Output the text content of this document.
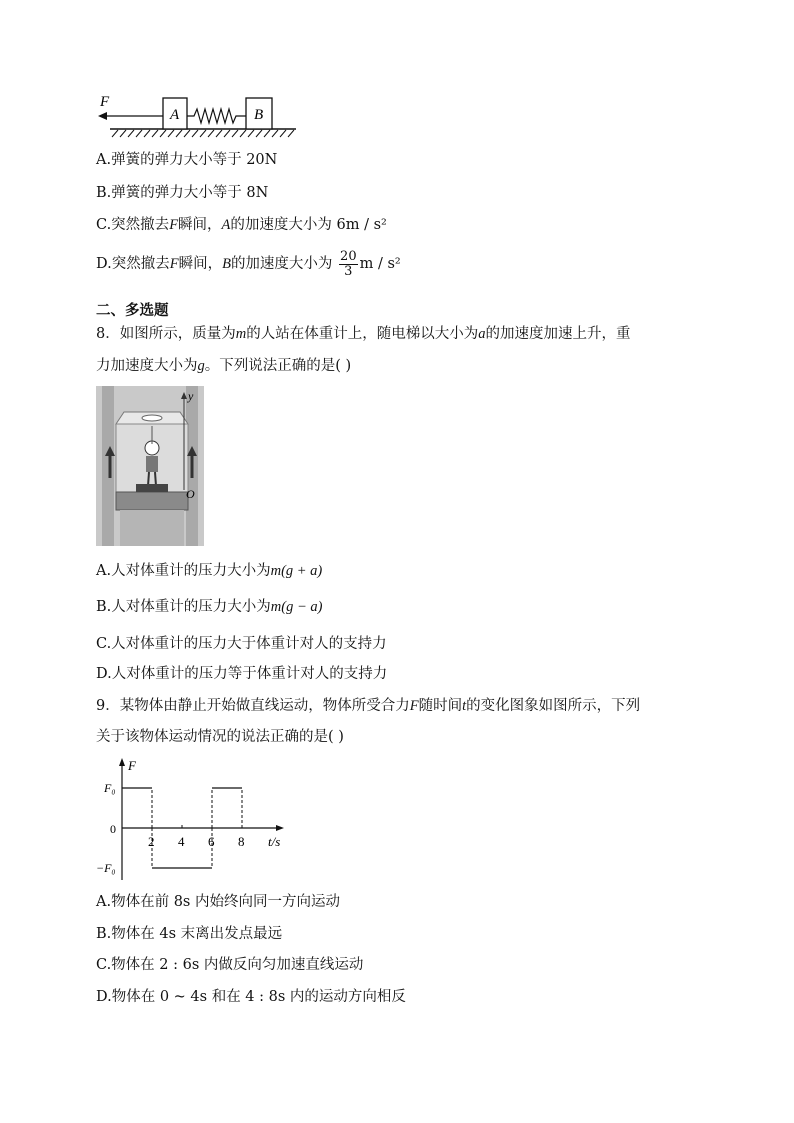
F
A	B
A.弹簧的弹力大小等于 20N
B.弹簧的弹力大小等于 8N
C.突然撤去F瞬间，A的加速度大小为 6m / s²
D.突然撤去F瞬间，B的加速度大小为 $\frac{20}{3}$ m / s²
二、多选题
8．如图所示，质量为m的人站在体重计上，随电梯以大小为a的加速度加速上升，重
力加速度大小为g。下列说法正确的是( )
y
O
A.人对体重计的压力大小为m(g + a)
B.人对体重计的压力大小为m(g − a)
C.人对体重计的压力大于体重计对人的支持力
D.人对体重计的压力等于体重计对人的支持力
9．某物体由静止开始做直线运动，物体所受合力F随时间t的变化图象如图所示，下列
关于该物体运动情况的说法正确的是( )
F
t/s
F₀
0
−F₀
2 4 6 8
A.物体在前 8s 内始终向同一方向运动
B.物体在 4s 末离出发点最远
C.物体在 2 : 6s 内做反向匀加速直线运动
D.物体在 0 ~ 4s 和在 4 : 8s 内的运动方向相反
